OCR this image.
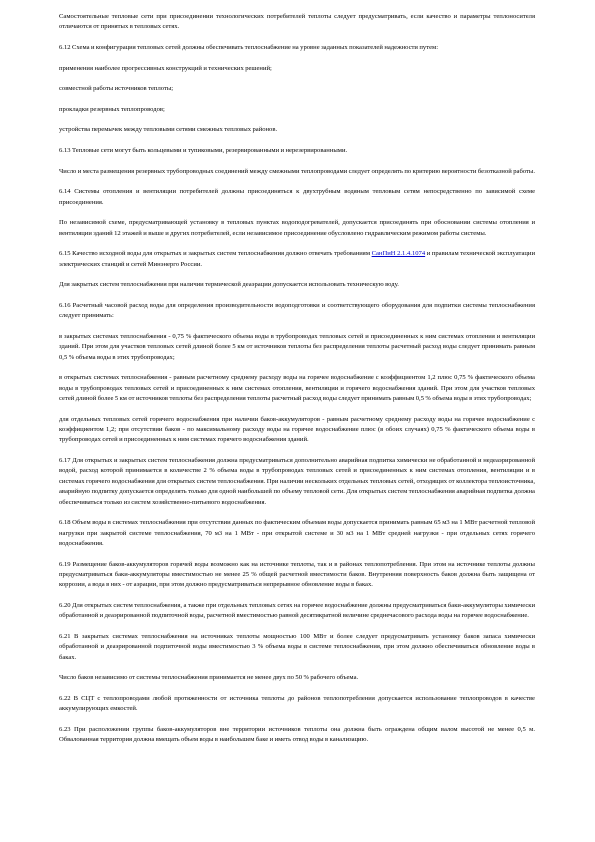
Самостоятельные тепловые сети при присоединении технологических потребителей теплоты следует предусматривать, если качество и параметры теплоносителя отличаются от принятых в тепловых сетях.

6.12 Схема и конфигурация тепловых сетей должны обеспечивать теплоснабжение на уровне заданных показателей надежности путем:

применения наиболее прогрессивных конструкций и технических решений;

совместной работы источников теплоты;

прокладки резервных теплопроводов;

устройства перемычек между тепловыми сетями смежных тепловых районов.

6.13 Тепловые сети могут быть кольцевыми и тупиковыми, резервированными и нерезервированными.

Число и места размещения резервных трубопроводных соединений между смежными теплопроводами следует определять по критерию вероятности безотказной работы.

6.14 Системы отопления и вентиляции потребителей должны присоединяться к двухтрубным водяным тепловым сетям непосредственно по зависимой схеме присоединения.

По независимой схеме, предусматривающей установку в тепловых пунктах водоподогревателей, допускается присоединять при обосновании системы отопления и вентиляции зданий 12 этажей и выше и других потребителей, если независимое присоединение обусловлено гидравлическим режимом работы системы.

6.15 Качество исходной воды для открытых и закрытых систем теплоснабжения должно отвечать требованиям СанПиН 2.1.4.1074 и правилам технической эксплуатации электрических станций и сетей Минэнерго России.

Для закрытых систем теплоснабжения при наличии термической деаэрации допускается использовать техническую воду.

6.16 Расчетный часовой расход воды для определения производительности водоподготовки и соответствующего оборудования для подпитки системы теплоснабжения следует принимать:

в закрытых системах теплоснабжения - 0,75 % фактического объема воды в трубопроводах тепловых сетей и присоединенных к ним системах отопления и вентиляции зданий. При этом для участков тепловых сетей длиной более 5 км от источников теплоты без распределения теплоты расчетный расход воды следует принимать равным 0,5 % объема воды в этих трубопроводах;

в открытых системах теплоснабжения - равным расчетному среднему расходу воды на горячее водоснабжение с коэффициентом 1,2 плюс 0,75 % фактического объема воды в трубопроводах тепловых сетей и присоединенных к ним системах отопления, вентиляции и горячего водоснабжения зданий. При этом для участков тепловых сетей длиной более 5 км от источников теплоты без распределения теплоты расчетный расход воды следует принимать равным 0,5 % объема воды в этих трубопроводах;

для отдельных тепловых сетей горячего водоснабжения при наличии баков-аккумуляторов - равным расчетному среднему расходу воды на горячее водоснабжение с коэффициентом 1,2; при отсутствии баков - по максимальному расходу воды на горячее водоснабжение плюс (в обоих случаях) 0,75 % фактического объема воды в трубопроводах сетей и присоединенных к ним системах горячего водоснабжения зданий.

6.17 Для открытых и закрытых систем теплоснабжения должна предусматриваться дополнительно аварийная подпитка химически не обработанной и недеаэрированной водой, расход которой принимается в количестве 2 % объема воды в трубопроводах тепловых сетей и присоединенных к ним системах отопления, вентиляции и в системах горячего водоснабжения для открытых систем теплоснабжения. При наличии нескольких отдельных тепловых сетей, отходящих от коллектора теплоисточника, аварийную подпитку допускается определять только для одной наибольшей по объему тепловой сети. Для открытых систем теплоснабжения аварийная подпитка должна обеспечиваться только из систем хозяйственно-питьевого водоснабжения.

6.18 Объем воды в системах теплоснабжения при отсутствии данных по фактическим объемам воды допускается принимать равным 65 м3 на 1 МВт расчетной тепловой нагрузки при закрытой системе теплоснабжения, 70 м3 на 1 МВт - при открытой системе и 30 м3 на 1 МВт средней нагрузки - при отдельных сетях горячего водоснабжения.

6.19 Размещение баков-аккумуляторов горячей воды возможно как на источнике теплоты, так и в районах теплопотребления. При этом на источнике теплоты должны предусматриваться баки-аккумуляторы вместимостью не менее 25 % общей расчетной вместимости баков. Внутренняя поверхность баков должна быть защищена от коррозии, а вода в них - от аэрации, при этом должно предусматриваться непрерывное обновление воды в баках.

6.20 Для открытых систем теплоснабжения, а также при отдельных тепловых сетях на горячее водоснабжение должны предусматриваться баки-аккумуляторы химически обработанной и деаэрированной подпиточной воды, расчетной вместимостью равной десятикратной величине среднечасового расхода воды на горячее водоснабжение.

6.21 В закрытых системах теплоснабжения на источниках теплоты мощностью 100 МВт и более следует предусматривать установку баков запаса химически обработанной и деаэрированной подпиточной воды вместимостью 3 % объема воды в системе теплоснабжения, при этом должно обеспечиваться обновление воды в баках.

Число баков независимо от системы теплоснабжения принимается не менее двух по 50 % рабочего объема.

6.22 В СЦТ с теплопроводами любой протяженности от источника теплоты до районов теплопотребления допускается использование теплопроводов в качестве аккумулирующих емкостей.

6.23 При расположении группы баков-аккумуляторов вне территории источников теплоты она должна быть ограждена общим валом высотой не менее 0,5 м. Обвалованная территория должна вмещать объем воды в наибольшем баке и иметь отвод воды в канализацию.
